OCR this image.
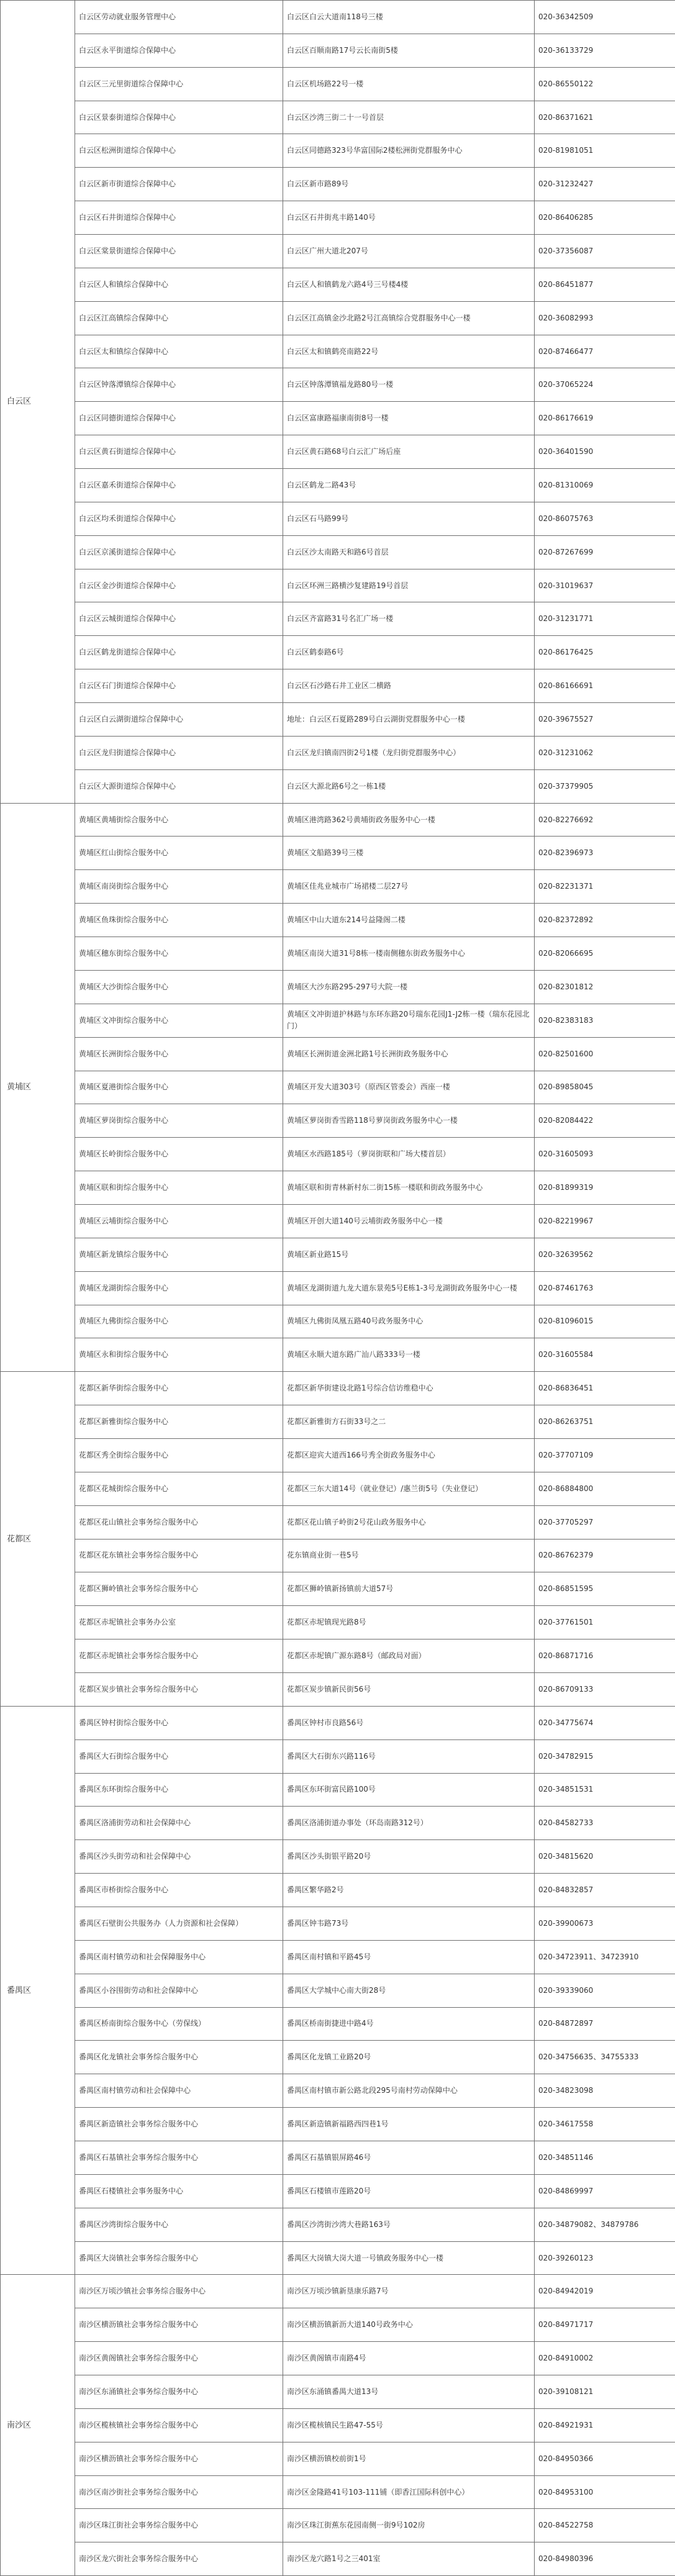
白云区	白云区劳动就业服务管理中心	白云区白云大道南118号三楼	020-36342509
	白云区永平街道综合保障中心	白云区百顺南路17号云长南街5楼	020-36133729
	白云区三元里街道综合保障中心	白云区机场路22号一楼	020-86550122
	白云区景泰街道综合保障中心	白云区沙湾三街二十一号首层	020-86371621
	白云区松洲街道综合保障中心	白云区同德路323号华富国际2楼松洲街党群服务中心	020-81981051
	白云区新市街道综合保障中心	白云区新市路89号	020-31232427
	白云区石井街道综合保障中心	白云区石井街兆丰路140号	020-86406285
	白云区棠景街道综合保障中心	白云区广州大道北207号	020-37356087
	白云区人和镇综合保障中心	白云区人和镇鹤龙六路4号三号楼4楼	020-86451877
	白云区江高镇综合保障中心	白云区江高镇金沙北路2号江高镇综合党群服务中心一楼	020-36082993
	白云区太和镇综合保障中心	白云区太和镇鹤亮南路22号	020-87466477
	白云区钟落潭镇综合保障中心	白云区钟落潭镇福龙路80号一楼	020-37065224
	白云区同德街道综合保障中心	白云区富康路福康南街8号一楼	020-86176619
	白云区黄石街道综合保障中心	白云区黄石路68号白云汇广场后座	020-36401590
	白云区嘉禾街道综合保障中心	白云区鹤龙二路43号	020-81310069
	白云区均禾街道综合保障中心	白云区石马路99号	020-86075763
	白云区京溪街道综合保障中心	白云区沙太南路天和路6号首层	020-87267699
	白云区金沙街道综合保障中心	白云区环洲三路横沙复建路19号首层	020-31019637
	白云区云城街道综合保障中心	白云区齐富路31号名汇广场一楼	020-31231771
	白云区鹤龙街道综合保障中心	白云区鹤泰路6号	020-86176425
	白云区石门街道综合保障中心	白云区石沙路石井工业区二横路	020-86166691
	白云区白云湖街道综合保障中心	地址：白云区石夏路289号白云湖街党群服务中心一楼	020-39675527
	白云区龙归街道综合保障中心	白云区龙归镇南四街2号1楼（龙归街党群服务中心）	020-31231062
	白云区大源街道综合保障中心	白云区大源北路6号之一栋1楼	020-37379905
黄埔区	黄埔区黄埔街综合服务中心	黄埔区港湾路362号黄埔街政务服务中心一楼	020-82276692
	黄埔区红山街综合服务中心	黄埔区文船路39号三楼	020-82396973
	黄埔区南岗街综合服务中心	黄埔区佳兆业城市广场裙楼二层27号	020-82231371
	黄埔区鱼珠街综合服务中心	黄埔区中山大道东214号益隆阁二楼	020-82372892
	黄埔区穗东街综合服务中心	黄埔区南岗大道31号8栋一楼南侧穗东街政务服务中心	020-82066695
	黄埔区大沙街综合服务中心	黄埔区大沙东路295-297号大院一楼	020-82301812
	黄埔区文冲街综合服务中心	黄埔区文冲街道护林路与东环东路20号瑞东花园J1-J2栋一楼（瑞东花园北门）	020-82383183
	黄埔区长洲街综合服务中心	黄埔区长洲街道金洲北路1号长洲街政务服务中心	020-82501600
	黄埔区夏港街综合服务中心	黄埔区开发大道303号（原西区管委会）西座一楼	020-89858045
	黄埔区萝岗街综合服务中心	黄埔区萝岗街香雪路118号萝岗街政务服务中心一楼	020-82084422
	黄埔区长岭街综合服务中心	黄埔区水西路185号（萝岗街联和广场大楼首层）	020-31605093
	黄埔区联和街综合服务中心	黄埔区联和街青林新村东二街15栋一楼联和街政务服务中心	020-81899319
	黄埔区云埔街综合服务中心	黄埔区开创大道140号云埔街政务服务中心一楼	020-82219967
	黄埔区新龙镇综合服务中心	黄埔区新业路15号	020-32639562
	黄埔区龙湖街综合服务中心	黄埔区龙湖街道九龙大道东景苑5号E栋1-3号龙湖街政务服务中心一楼	020-87461763
	黄埔区九佛街综合服务中心	黄埔区九佛街凤凰五路40号政务服务中心	020-81096015
	黄埔区永和街综合服务中心	黄埔区永顺大道东路广汕八路333号一楼	020-31605584
花都区	花都区新华街综合服务中心	花都区新华街建设北路1号综合信访维稳中心	020-86836451
	花都区新雅街综合服务中心	花都区新雅街方石街33号之二	020-86263751
	花都区秀全街综合服务中心	花都区迎宾大道西166号秀全街政务服务中心	020-37707109
	花都区花城街综合服务中心	花都区三东大道14号（就业登记）/惠兰街5号（失业登记）	020-86884800
	花都区花山镇社会事务综合服务中心	花都区花山镇子岭街2号花山政务服务中心	020-37705297
	花都区花东镇社会事务综合服务中心	花东镇商业街一巷5号	020-86762379
	花都区狮岭镇社会事务综合服务中心	花都区狮岭镇新扬镇前大道57号	020-86851595
	花都区赤坭镇社会事务办公室	花都区赤坭镇现光路8号	020-37761501
	花都区赤坭镇社会事务综合服务中心	花都区赤坭镇广源东路8号（邮政局对面）	020-86871716
	花都区炭步镇社会事务综合服务中心	花都区炭步镇新民街56号	020-86709133
番禺区	番禺区钟村街综合服务中心	番禺区钟村市良路56号	020-34775674
	番禺区大石街综合服务中心	番禺区大石街东兴路116号	020-34782915
	番禺区东环街综合服务中心	番禺区东环街富民路100号	020-34851531
	番禺区洛浦街劳动和社会保障中心	番禺区洛浦街道办事处（环岛南路312号）	020-84582733
	番禺区沙头街劳动和社会保障中心	番禺区沙头街银平路20号	020-34815620
	番禺区市桥街综合服务中心	番禺区繁华路2号	020-84832857
	番禺区石壁街公共服务办（人力资源和社会保障）	番禺区钟韦路73号	020-39900673
	番禺区南村镇劳动和社会保障服务中心	番禺区南村镇和平路45号	020-34723911、34723910
	番禺区小谷围街劳动和社会保障中心	番禺区大学城中心南大街28号	020-39339060
	番禺区桥南街综合服务中心（劳保线）	番禺区桥南街捷进中路4号	020-84872897
	番禺区化龙镇社会事务综合服务中心	番禺区化龙镇工业路20号	020-34756635、34755333
	番禺区南村镇劳动和社会保障中心	番禺区南村镇市新公路北段295号南村劳动保障中心	020-34823098
	番禺区新造镇社会事务综合服务中心	番禺区新造镇新福路西四巷1号	020-34617558
	番禺区石基镇社会事务综合服务中心	番禺区石基镇银屏路46号	020-34851146
	番禺区石楼镇社会事务服务中心	番禺区石楼镇市莲路20号	020-84869997
	番禺区沙湾街综合服务中心	番禺区沙湾街沙湾大巷路163号	020-34879082、34879786
	番禺区大岗镇社会事务综合服务中心	番禺区大岗镇大岗大道一号镇政务服务中心一楼	020-39260123
南沙区	南沙区万顷沙镇社会事务综合服务中心	南沙区万顷沙镇新垦康乐路7号	020-84942019
	南沙区横沥镇社会事务综合服务中心	南沙区横沥镇新沥大道140号政务中心	020-84971717
	南沙区黄阁镇社会事务综合服务中心	南沙区黄阁镇市南路4号	020-84910002
	南沙区东涌镇社会事务综合服务中心	南沙区东涌镇番禺大道13号	020-39108121
	南沙区榄核镇社会事务综合服务中心	南沙区榄核镇民生路47-55号	020-84921931
	南沙区横沥镇社会事务综合服务中心	南沙区横沥镇校前街1号	020-84950366
	南沙区南沙街社会事务综合服务中心	南沙区金隆路41号103-111铺（即香江国际科创中心）	020-84953100
	南沙区珠江街社会事务综合服务中心	南沙区珠江街蕉东花园南侧一街9号102房	020-84522758
	南沙区龙穴街社会事务综合服务中心	南沙区龙穴路1号之三401室	020-84980396
